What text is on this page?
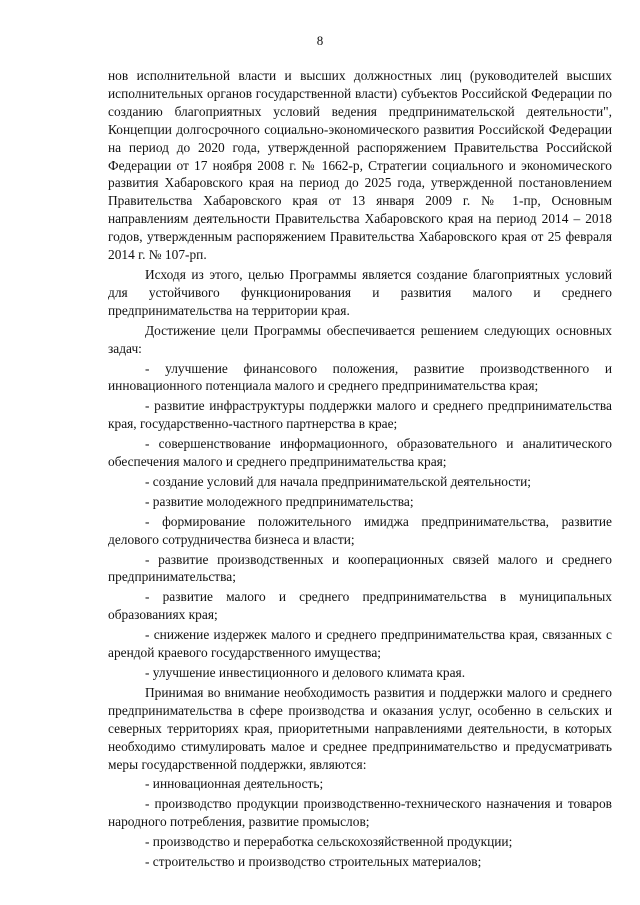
8

нов исполнительной власти и высших должностных лиц (руководителей высших исполнительных органов государственной власти) субъектов Российской Федерации по созданию благоприятных условий ведения предпринимательской деятельности", Концепции долгосрочного социально-экономического развития Российской Федерации на период до 2020 года, утвержденной распоряжением Правительства Российской Федерации от 17 ноября 2008 г. № 1662-р, Стратегии социального и экономического развития Хабаровского края на период до 2025 года, утвержденной постановлением Правительства Хабаровского края от 13 января 2009 г. № 1-пр, Основным направлениям деятельности Правительства Хабаровского края на период 2014 – 2018 годов, утвержденным распоряжением Правительства Хабаровского края от 25 февраля 2014 г. № 107-рп.

Исходя из этого, целью Программы является создание благоприятных условий для устойчивого функционирования и развития малого и среднего предпринимательства на территории края.

Достижение цели Программы обеспечивается решением следующих основных задач:

- улучшение финансового положения, развитие производственного и инновационного потенциала малого и среднего предпринимательства края;

- развитие инфраструктуры поддержки малого и среднего предпринимательства края, государственно-частного партнерства в крае;

- совершенствование информационного, образовательного и аналитического обеспечения малого и среднего предпринимательства края;

- создание условий для начала предпринимательской деятельности;

- развитие молодежного предпринимательства;

- формирование положительного имиджа предпринимательства, развитие делового сотрудничества бизнеса и власти;

- развитие производственных и кооперационных связей малого и среднего предпринимательства;

- развитие малого и среднего предпринимательства в муниципальных образованиях края;

- снижение издержек малого и среднего предпринимательства края, связанных с арендой краевого государственного имущества;

- улучшение инвестиционного и делового климата края.

Принимая во внимание необходимость развития и поддержки малого и среднего предпринимательства в сфере производства и оказания услуг, особенно в сельских и северных территориях края, приоритетными направлениями деятельности, в которых необходимо стимулировать малое и среднее предпринимательство и предусматривать меры государственной поддержки, являются:

- инновационная деятельность;

- производство продукции производственно-технического назначения и товаров народного потребления, развитие промыслов;

- производство и переработка сельскохозяйственной продукции;

- строительство и производство строительных материалов;
